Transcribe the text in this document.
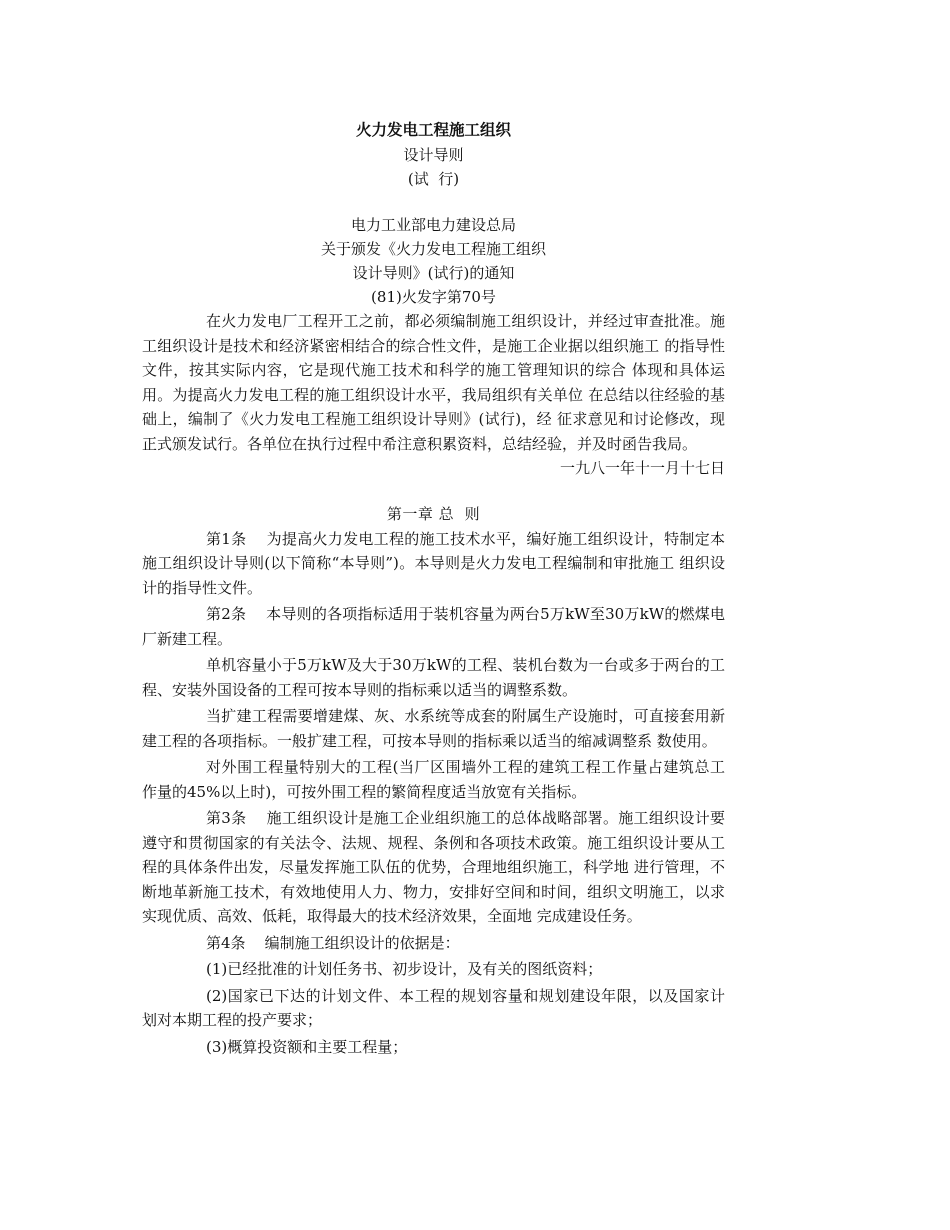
火力发电工程施工组织
设计导则
(试  行)
电力工业部电力建设总局
关于颁发《火力发电工程施工组织
设计导则》(试行)的通知
(81)火发字第70号

在火力发电厂工程开工之前，都必须编制施工组织设计，并经过审查批准。施工组织设计是技术和经济紧密相结合的综合性文件，是施工企业据以组织施工 的指导性文件，按其实际内容，它是现代施工技术和科学的施工管理知识的综合 体现和具体运用。为提高火力发电工程的施工组织设计水平，我局组织有关单位 在总结以往经验的基础上，编制了《火力发电工程施工组织设计导则》(试行)，经 征求意见和讨论修改，现正式颁发试行。各单位在执行过程中希注意积累资料，总结经验，并及时函告我局。

一九八一年十一月十七日
第一章 总  则

第1条    为提高火力发电工程的施工技术水平，编好施工组织设计，特制定本 施工组织设计导则(以下简称“本导则”)。本导则是火力发电工程编制和审批施工 组织设计的指导性文件。

第2条    本导则的各项指标适用于装机容量为两台5万kW至30万kW的燃煤电厂新建工程。

单机容量小于5万kW及大于30万kW的工程、装机台数为一台或多于两台的工程、安装外国设备的工程可按本导则的指标乘以适当的调整系数。

当扩建工程需要增建煤、灰、水系统等成套的附属生产设施时，可直接套用新建工程的各项指标。一般扩建工程，可按本导则的指标乘以适当的缩减调整系 数使用。

对外围工程量特别大的工程(当厂区围墙外工程的建筑工程工作量占建筑总工 作量的45%以上时)，可按外围工程的繁简程度适当放宽有关指标。

第3条    施工组织设计是施工企业组织施工的总体战略部署。施工组织设计要 遵守和贯彻国家的有关法令、法规、规程、条例和各项技术政策。施工组织设计要从工程的具体条件出发，尽量发挥施工队伍的优势，合理地组织施工，科学地 进行管理，不断地革新施工技术，有效地使用人力、物力，安排好空间和时间，组织文明施工，以求实现优质、高效、低耗，取得最大的技术经济效果，全面地 完成建设任务。

第4条    编制施工组织设计的依据是：

(1)已经批准的计划任务书、初步设计，及有关的图纸资料；

(2)国家已下达的计划文件、本工程的规划容量和规划建设年限，以及国家计 划对本期工程的投产要求；

(3)概算投资额和主要工程量；
